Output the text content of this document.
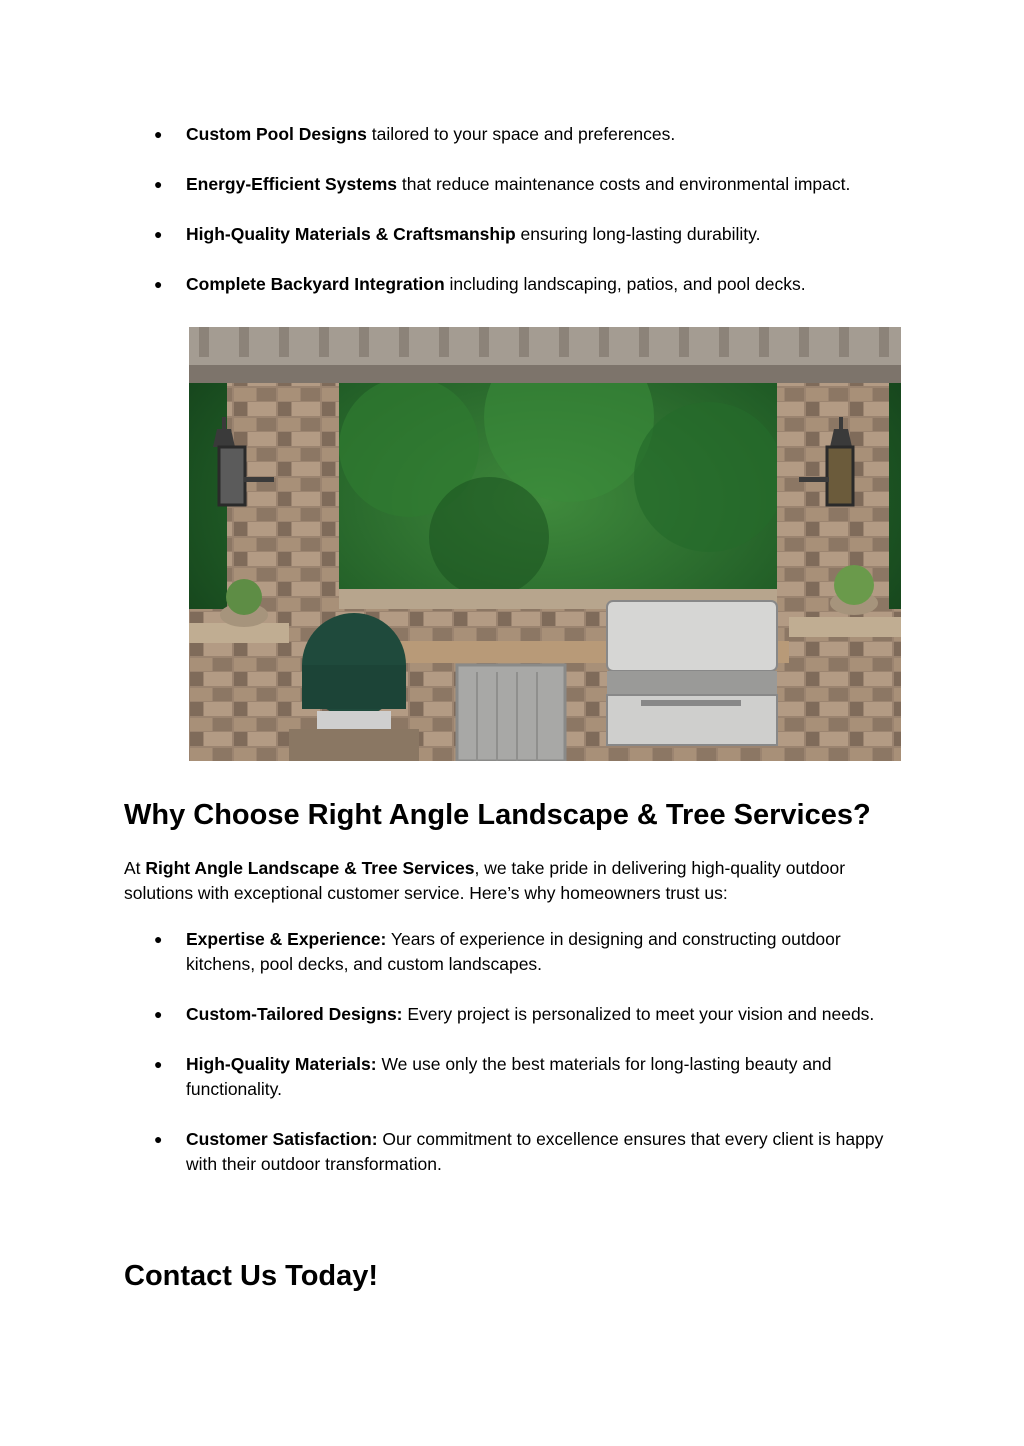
● Custom Pool Designs tailored to your space and preferences.
● Energy-Efficient Systems that reduce maintenance costs and environmental impact.
● High-Quality Materials & Craftsmanship ensuring long-lasting durability.
● Complete Backyard Integration including landscaping, patios, and pool decks.
Why Choose Right Angle Landscape & Tree Services?

At Right Angle Landscape & Tree Services, we take pride in delivering high-quality outdoor solutions with exceptional customer service. Here’s why homeowners trust us:

● Expertise & Experience: Years of experience in designing and constructing outdoor kitchens, pool decks, and custom landscapes.
● Custom-Tailored Designs: Every project is personalized to meet your vision and needs.
● High-Quality Materials: We use only the best materials for long-lasting beauty and functionality.
● Customer Satisfaction: Our commitment to excellence ensures that every client is happy with their outdoor transformation.
Contact Us Today!
